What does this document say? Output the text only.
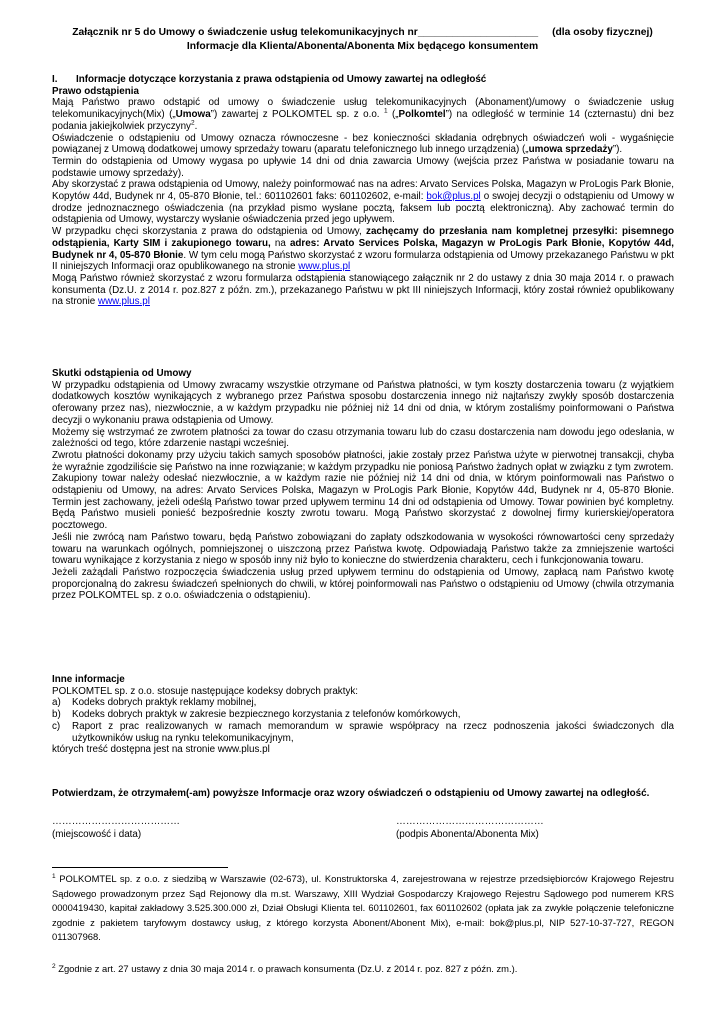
Załącznik nr 5 do Umowy o świadczenie usług telekomunikacyjnych nr_____________________ (dla osoby fizycznej)
Informacje dla Klienta/Abonenta/Abonenta Mix będącego konsumentem
I. Informacje dotyczące korzystania z prawa odstąpienia od Umowy zawartej na odległość
Prawo odstąpienia

Mają Państwo prawo odstąpić od umowy o świadczenie usług telekomunikacyjnych (Abonament)/umowy o świadczenie usług telekomunikacyjnych(Mix) („Umowa”) zawartej z POLKOMTEL sp. z o.o. $^1$ („Polkomtel”) na odległość w terminie 14 (czternastu) dni bez podania jakiejkolwiek przyczyny$^2$.

Oświadczenie o odstąpieniu od Umowy oznacza równoczesne - bez konieczności składania odrębnych oświadczeń woli - wygaśnięcie powiązanej z Umową dodatkowej umowy sprzedaży towaru (aparatu telefonicznego lub innego urządzenia) („umowa sprzedaży”).

Termin do odstąpienia od Umowy wygasa po upływie 14 dni od dnia zawarcia Umowy (wejścia przez Państwa w posiadanie towaru na podstawie umowy sprzedaży).

Aby skorzystać z prawa odstąpienia od Umowy, należy poinformować nas na adres: Arvato Services Polska, Magazyn w ProLogis Park Błonie, Kopytów 44d, Budynek nr 4, 05-870 Błonie, tel.: 601102601 faks: 601102602, e-mail: bok@plus.pl o swojej decyzji o odstąpieniu od Umowy w drodze jednoznacznego oświadczenia (na przykład pismo wysłane pocztą, faksem lub pocztą elektroniczną). Aby zachować termin do odstąpienia od Umowy, wystarczy wysłanie oświadczenia przed jego upływem.

W przypadku chęci skorzystania z prawa do odstąpienia od Umowy, zachęcamy do przesłania nam kompletnej przesyłki: pisemnego odstąpienia, Karty SIM i zakupionego towaru, na adres: Arvato Services Polska, Magazyn w ProLogis Park Błonie, Kopytów 44d, Budynek nr 4, 05-870 Błonie. W tym celu mogą Państwo skorzystać z wzoru formularza odstąpienia od Umowy przekazanego Państwu w pkt II niniejszych Informacji oraz opublikowanego na stronie www.plus.pl

Mogą Państwo również skorzystać z wzoru formularza odstąpienia stanowiącego załącznik nr 2 do ustawy z dnia 30 maja 2014 r. o prawach konsumenta (Dz.U. z 2014 r. poz.827 z późn. zm.), przekazanego Państwu w pkt III niniejszych Informacji, który został również opublikowany na stronie www.plus.pl

Skutki odstąpienia od Umowy

W przypadku odstąpienia od Umowy zwracamy wszystkie otrzymane od Państwa płatności, w tym koszty dostarczenia towaru (z wyjątkiem dodatkowych kosztów wynikających z wybranego przez Państwa sposobu dostarczenia innego niż najtańszy zwykły sposób dostarczenia oferowany przez nas), niezwłocznie, a w każdym przypadku nie później niż 14 dni od dnia, w którym zostaliśmy poinformowani o Państwa decyzji o wykonaniu prawa odstąpienia od Umowy.

Możemy się wstrzymać ze zwrotem płatności za towar do czasu otrzymania towaru lub do czasu dostarczenia nam dowodu jego odesłania, w zależności od tego, które zdarzenie nastąpi wcześniej.

Zwrotu płatności dokonamy przy użyciu takich samych sposobów płatności, jakie zostały przez Państwa użyte w pierwotnej transakcji, chyba że wyraźnie zgodziliście się Państwo na inne rozwiązanie; w każdym przypadku nie poniosą Państwo żadnych opłat w związku z tym zwrotem.

Zakupiony towar należy odesłać niezwłocznie, a w każdym razie nie później niż 14 dni od dnia, w którym poinformowali nas Państwo o odstąpieniu od Umowy, na adres: Arvato Services Polska, Magazyn w ProLogis Park Błonie, Kopytów 44d, Budynek nr 4, 05-870 Błonie. Termin jest zachowany, jeżeli odeślą Państwo towar przed upływem terminu 14 dni od odstąpienia od Umowy. Towar powinien być kompletny. Będą Państwo musieli ponieść bezpośrednie koszty zwrotu towaru. Mogą Państwo skorzystać z dowolnej firmy kurierskiej/operatora pocztowego.

Jeśli nie zwrócą nam Państwo towaru, będą Państwo zobowiązani do zapłaty odszkodowania w wysokości równowartości ceny sprzedaży towaru na warunkach ogólnych, pomniejszonej o uiszczoną przez Państwa kwotę. Odpowiadają Państwo także za zmniejszenie wartości towaru wynikające z korzystania z niego w sposób inny niż było to konieczne do stwierdzenia charakteru, cech i funkcjonowania towaru.

Jeżeli zażądali Państwo rozpoczęcia świadczenia usług przed upływem terminu do odstąpienia od Umowy, zapłacą nam Państwo kwotę proporcjonalną do zakresu świadczeń spełnionych do chwili, w której poinformowali nas Państwo o odstąpieniu od Umowy (chwila otrzymania przez POLKOMTEL sp. z o.o. oświadczenia o odstąpieniu).

Inne informacje

POLKOMTEL sp. z o.o. stosuje następujące kodeksy dobrych praktyk:

a) Kodeks dobrych praktyk reklamy mobilnej,
b) Kodeks dobrych praktyk w zakresie bezpiecznego korzystania z telefonów komórkowych,
c) Raport z prac realizowanych w ramach memorandum w sprawie współpracy na rzecz podnoszenia jakości świadczonych dla użytkowników usług na rynku telekomunikacyjnym,

których treść dostępna jest na stronie www.plus.pl

Potwierdzam, że otrzymałem(-am) powyższe Informacje oraz wzory oświadczeń o odstąpieniu od Umowy zawartej na odległość.
…………………………………
(miejscowość i data)
………………………………………
(podpis Abonenta/Abonenta Mix)
$^1$ POLKOMTEL sp. z o.o. z siedzibą w Warszawie (02-673), ul. Konstruktorska 4, zarejestrowana w rejestrze przedsiębiorców Krajowego Rejestru Sądowego prowadzonym przez Sąd Rejonowy dla m.st. Warszawy, XIII Wydział Gospodarczy Krajowego Rejestru Sądowego pod numerem KRS 0000419430, kapitał zakładowy 3.525.300.000 zł, Dział Obsługi Klienta tel. 601102601, fax 601102602 (opłata jak za zwykłe połączenie telefoniczne zgodnie z pakietem taryfowym dostawcy usług, z którego korzysta Abonent/Abonent Mix), e-mail: bok@plus.pl, NIP 527-10-37-727, REGON 011307968.
$^2$ Zgodnie z art. 27 ustawy z dnia 30 maja 2014 r. o prawach konsumenta (Dz.U. z 2014 r. poz. 827 z późn. zm.).
